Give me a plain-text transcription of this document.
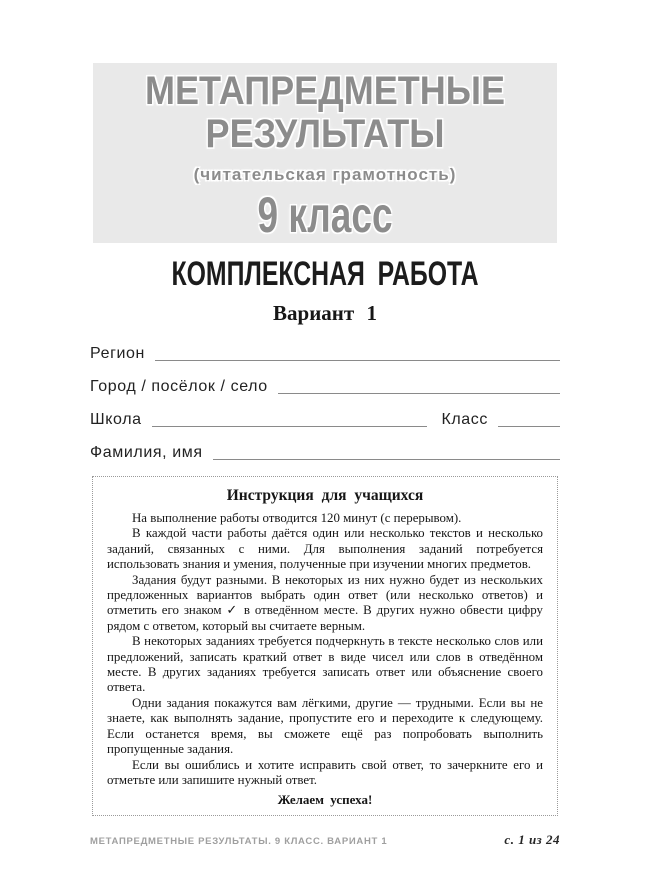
МЕТАПРЕДМЕТНЫЕ
РЕЗУЛЬТАТЫ
(читательская грамотность)
9 класс
КОМПЛЕКСНАЯ РАБОТА
Вариант 1
Регион
Город / посёлок / село
Школа	Класс
Фамилия, имя
Инструкция для учащихся

На выполнение работы отводится 120 минут (с перерывом).

В каждой части работы даётся один или несколько текстов и несколько заданий, связанных с ними. Для выполнения заданий потребуется использовать знания и умения, полученные при изучении многих предметов.

Задания будут разными. В некоторых из них нужно будет из нескольких предложенных вариантов выбрать один ответ (или несколько ответов) и отметить его знаком ✓ в отведённом месте. В других нужно обвести цифру рядом с ответом, который вы считаете верным.

В некоторых заданиях требуется подчеркнуть в тексте несколько слов или предложений, записать краткий ответ в виде чисел или слов в отведённом месте. В других заданиях требуется записать ответ или объяснение своего ответа.

Одни задания покажутся вам лёгкими, другие — трудными. Если вы не знаете, как выполнять задание, пропустите его и переходите к следующему. Если останется время, вы сможете ещё раз попробовать выполнить пропущенные задания.

Если вы ошиблись и хотите исправить свой ответ, то зачеркните его и отметьте или запишите нужный ответ.

Желаем успеха!
МЕТАПРЕДМЕТНЫЕ РЕЗУЛЬТАТЫ. 9 КЛАСС. ВАРИАНТ 1	с. 1 из 24
